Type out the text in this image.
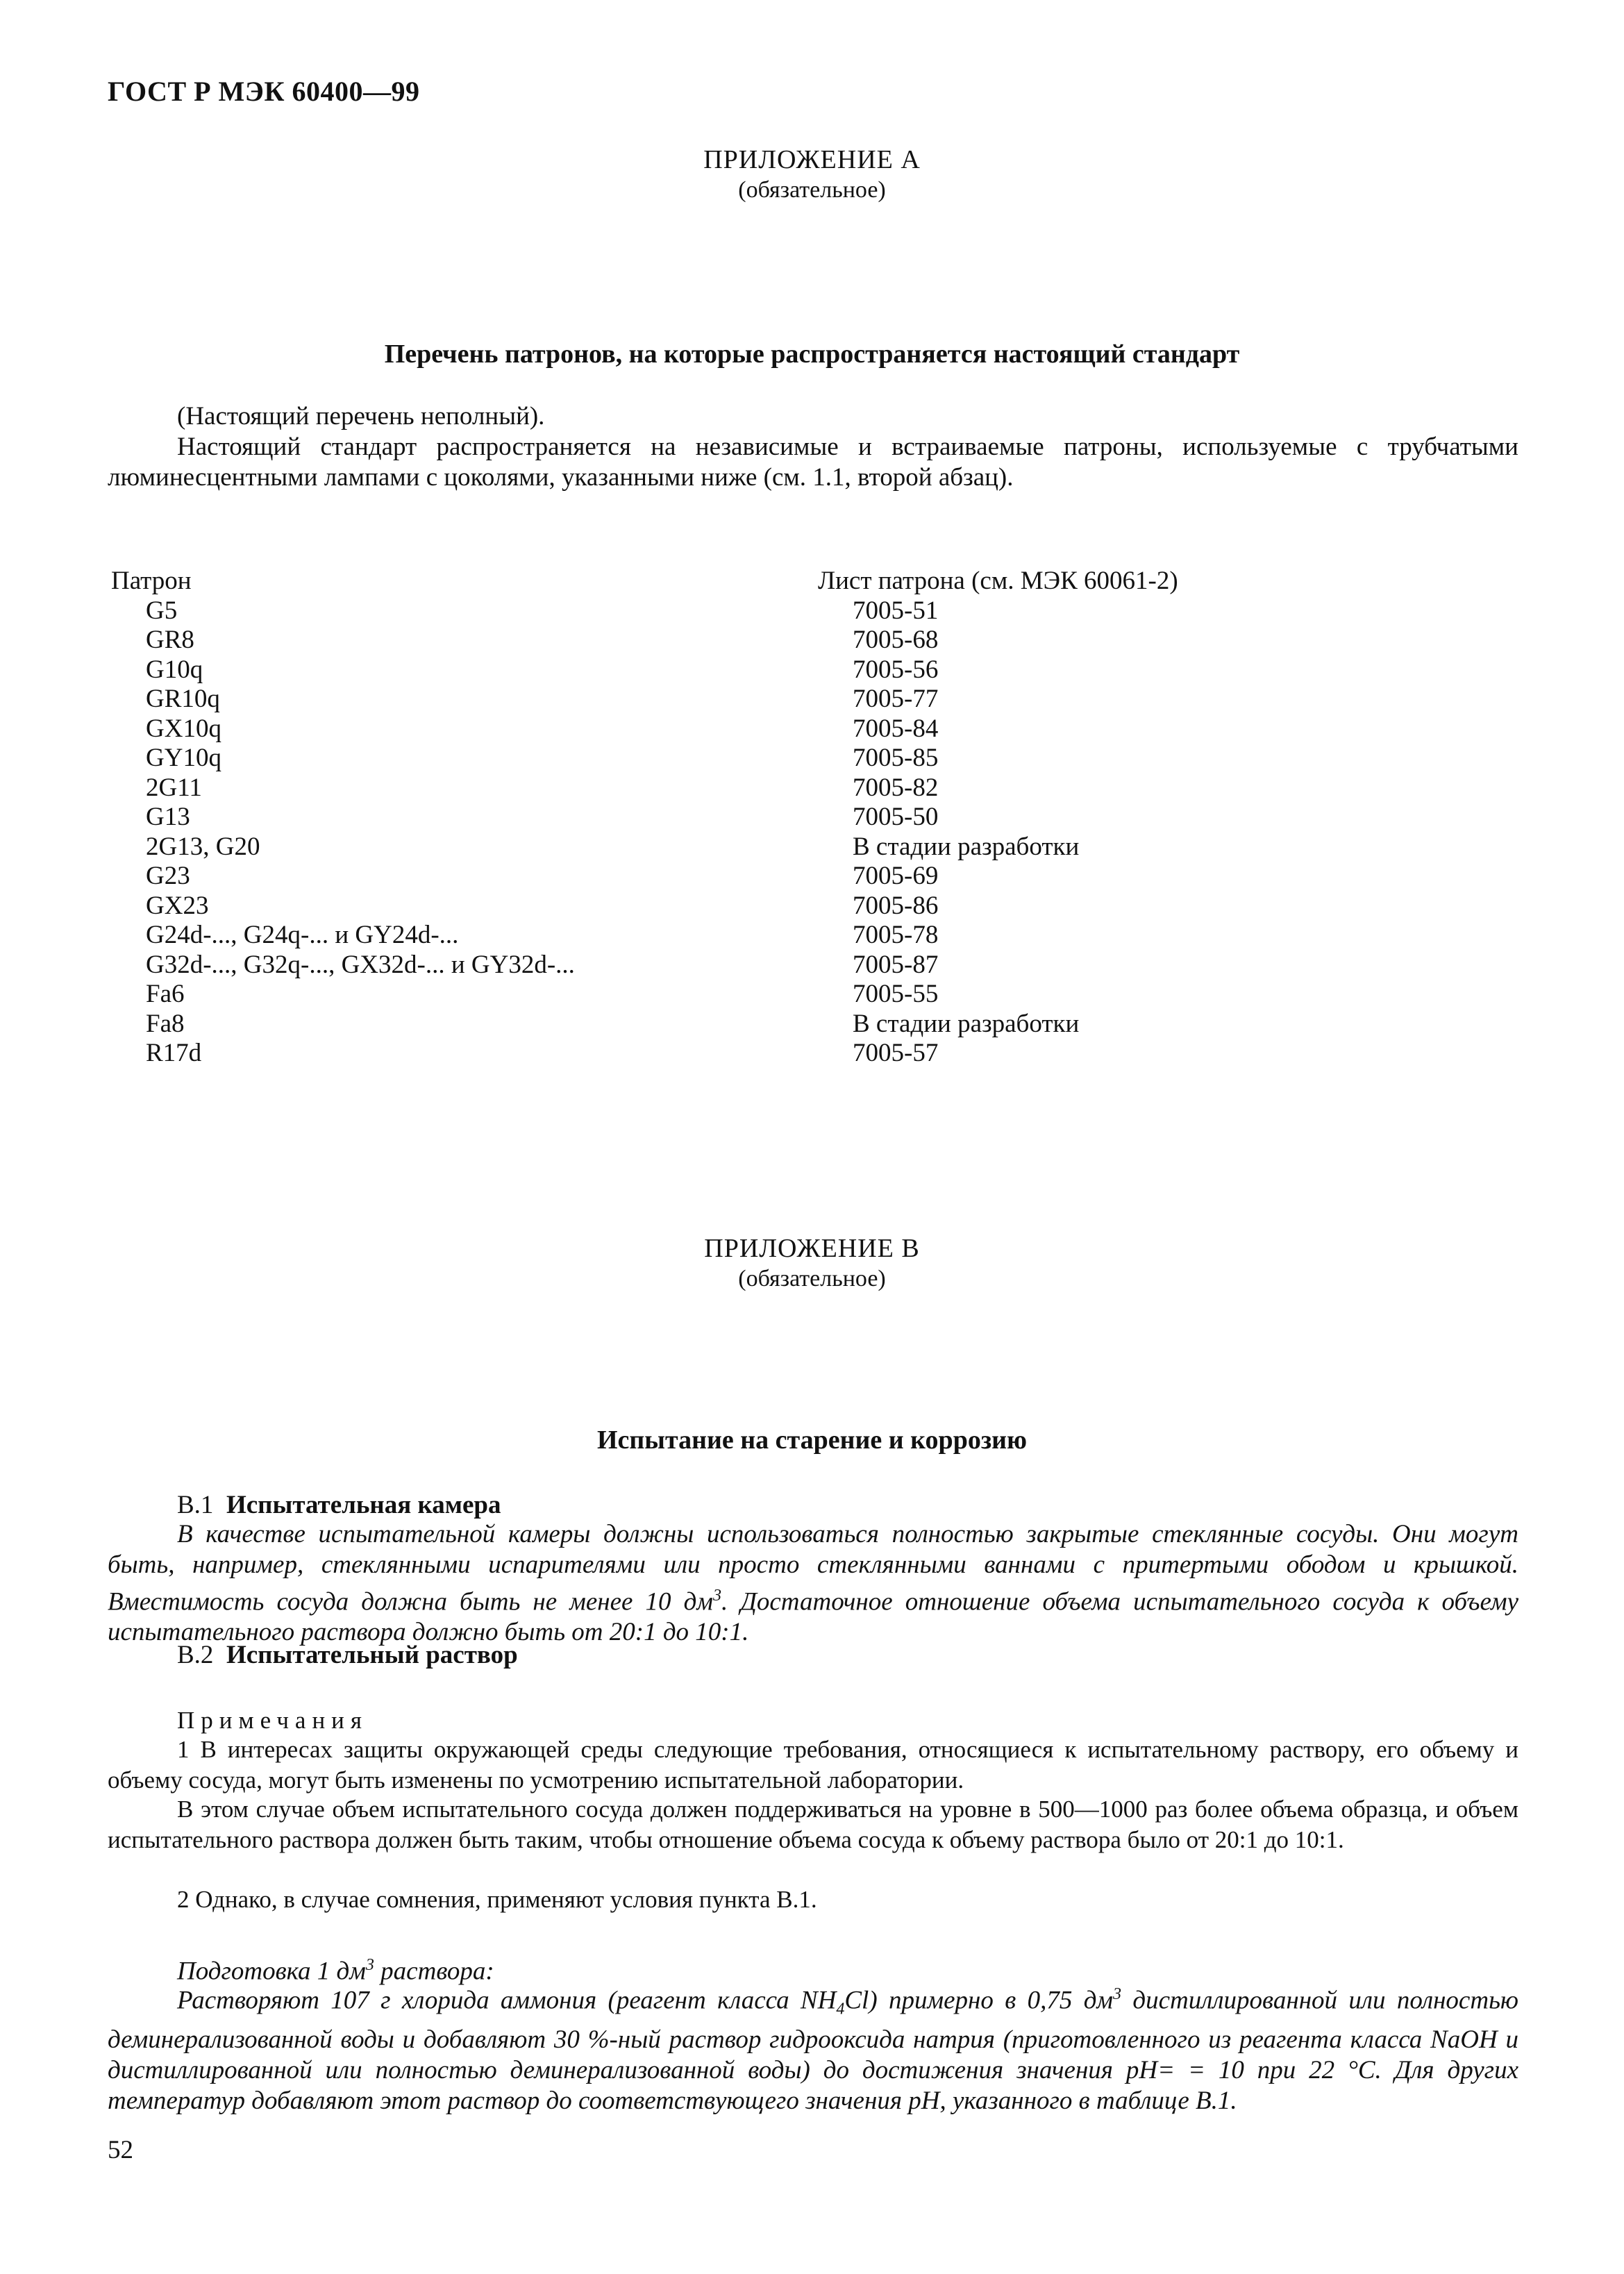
ГОСТ Р МЭК 60400—99
ПРИЛОЖЕНИЕ А
(обязательное)
Перечень патронов, на которые распространяется настоящий стандарт
(Настоящий перечень неполный).
Настоящий стандарт распространяется на независимые и встраиваемые патроны, используемые с трубчатыми люминесцентными лампами с цоколями, указанными ниже (см. 1.1, второй абзац).
Патрон
G5
GR8
G10q
GR10q
GX10q
GY10q
2G11
G13
2G13, G20
G23
GX23
G24d-..., G24q-... и GY24d-...
G32d-..., G32q-..., GX32d-... и GY32d-...
Fa6
Fa8
R17d
Лист патрона (см. МЭК 60061-2)
7005-51
7005-68
7005-56
7005-77
7005-84
7005-85
7005-82
7005-50
В стадии разработки
7005-69
7005-86
7005-78
7005-87
7005-55
В стадии разработки
7005-57
ПРИЛОЖЕНИЕ В
(обязательное)
Испытание на старение и коррозию
В.1 Испытательная камера
В качестве испытательной камеры должны использоваться полностью закрытые стеклянные сосуды. Они могут быть, например, стеклянными испарителями или просто стеклянными ваннами с притертыми ободом и крышкой. Вместимость сосуда должна быть не менее 10 $дм^3$. Достаточное отношение объема испытательного сосуда к объему испытательного раствора должно быть от 20:1 до 10:1.
В.2 Испытательный раствор
Примечания
1 В интересах защиты окружающей среды следующие требования, относящиеся к испытательному раствору, его объему и объему сосуда, могут быть изменены по усмотрению испытательной лаборатории.
В этом случае объем испытательного сосуда должен поддерживаться на уровне в 500—1000 раз более объема образца, и объем испытательного раствора должен быть таким, чтобы отношение объема сосуда к объему раствора было от 20:1 до 10:1.
2 Однако, в случае сомнения, применяют условия пункта В.1.
Подготовка 1 $дм^3$ раствора:
Растворяют 107 г хлорида аммония (реагент класса $NH_4Cl$) примерно в 0,75 $дм^3$ дистиллированной или полностью деминерализованной воды и добавляют 30 %-ный раствор гидрооксида натрия (приготовленного из реагента класса NaOH и дистиллированной или полностью деминерализованной воды) до достижения значения pH= = 10 при 22 °С. Для других температур добавляют этот раствор до соответствующего значения pH, указанного в таблице В.1.
52
